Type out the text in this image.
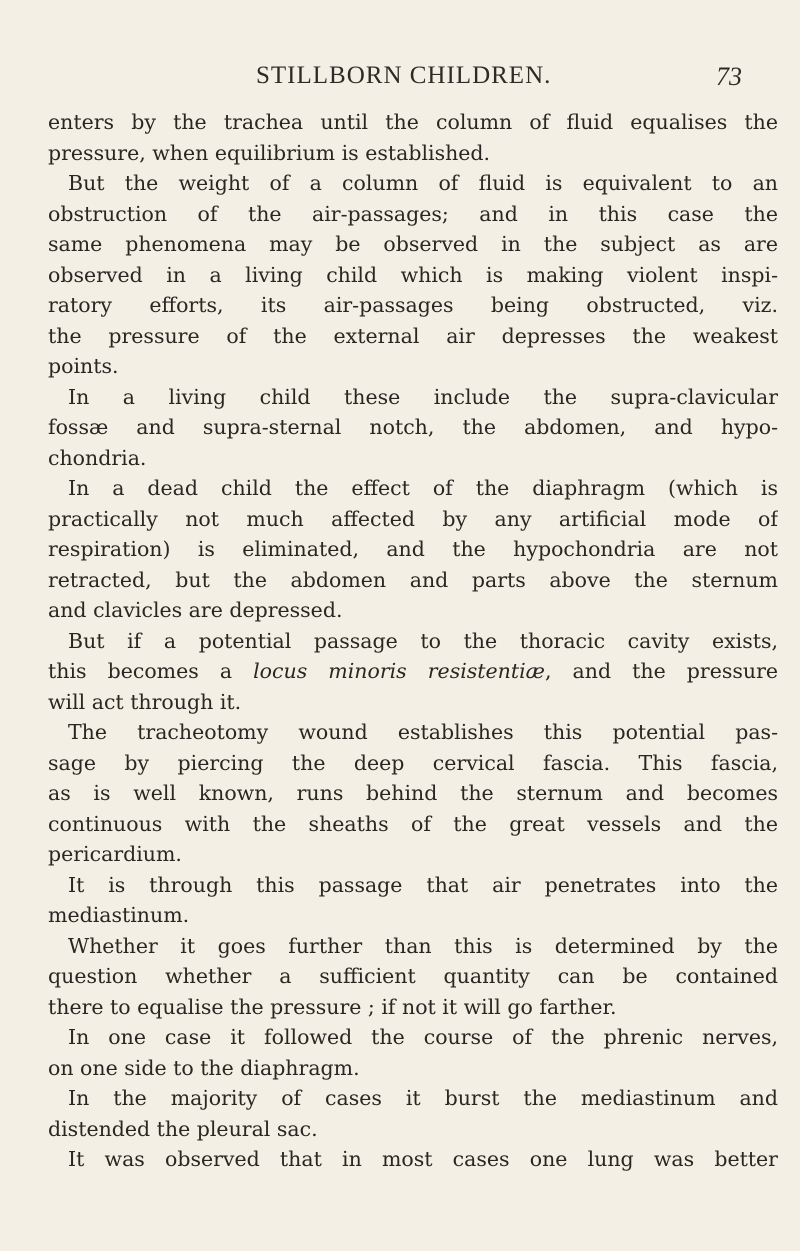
STILLBORN CHILDREN.	73
enters by the trachea until the column of fluid equalises the
pressure, when equilibrium is established.
But the weight of a column of fluid is equivalent to an
obstruction of the air-passages; and in this case the
same phenomena may be observed in the subject as are
observed in a living child which is making violent inspi-
ratory efforts, its air-passages being obstructed, viz.
the pressure of the external air depresses the weakest
points.
In a living child these include the supra-clavicular
fossæ and supra-sternal notch, the abdomen, and hypo-
chondria.
In a dead child the effect of the diaphragm (which is
practically not much affected by any artificial mode of
respiration) is eliminated, and the hypochondria are not
retracted, but the abdomen and parts above the sternum
and clavicles are depressed.
But if a potential passage to the thoracic cavity exists,
this becomes a locus minoris resistentiæ, and the pressure
will act through it.
The tracheotomy wound establishes this potential pas-
sage by piercing the deep cervical fascia. This fascia,
as is well known, runs behind the sternum and becomes
continuous with the sheaths of the great vessels and the
pericardium.
It is through this passage that air penetrates into the
mediastinum.
Whether it goes further than this is determined by the
question whether a sufficient quantity can be contained
there to equalise the pressure ; if not it will go farther.
In one case it followed the course of the phrenic nerves,
on one side to the diaphragm.
In the majority of cases it burst the mediastinum and
distended the pleural sac.
It was observed that in most cases one lung was better
